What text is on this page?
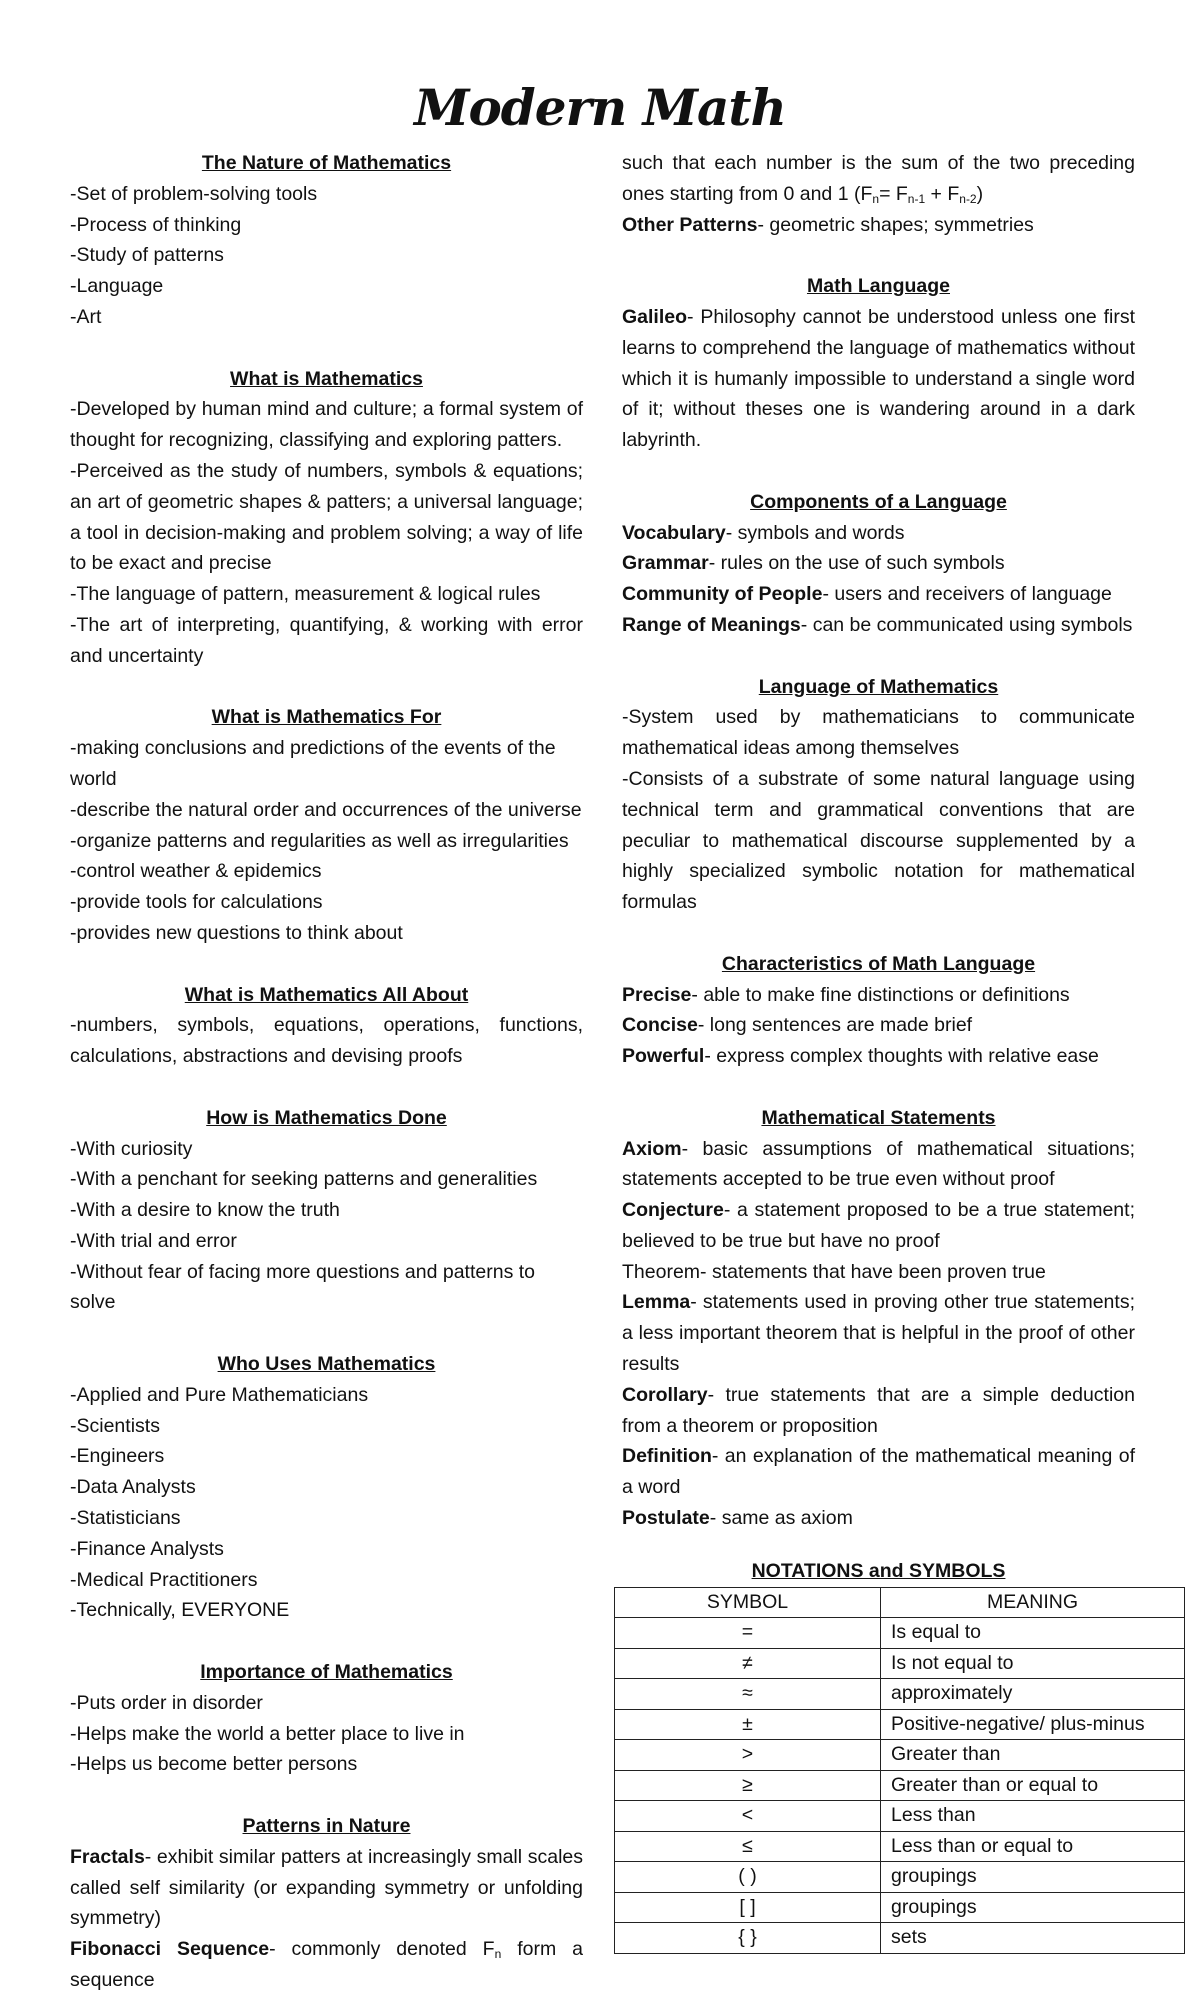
Modern Math
The Nature of Mathematics

-Set of problem-solving tools

-Process of thinking

-Study of patterns

-Language

-Art

What is Mathematics

-Developed by human mind and culture; a formal system of thought for recognizing, classifying and exploring patters.

-Perceived as the study of numbers, symbols & equations; an art of geometric shapes & patters; a universal language; a tool in decision-making and problem solving; a way of life to be exact and precise

-The language of pattern, measurement & logical rules

-The art of interpreting, quantifying, & working with error and uncertainty

What is Mathematics For

-making conclusions and predictions of the events of the world

-describe the natural order and occurrences of the universe

-organize patterns and regularities as well as irregularities

-control weather & epidemics

-provide tools for calculations

-provides new questions to think about

What is Mathematics All About

-numbers, symbols, equations, operations, functions, calculations, abstractions and devising proofs

How is Mathematics Done

-With curiosity

-With a penchant for seeking patterns and generalities

-With a desire to know the truth

-With trial and error

-Without fear of facing more questions and patterns to solve

Who Uses Mathematics

-Applied and Pure Mathematicians

-Scientists

-Engineers

-Data Analysts

-Statisticians

-Finance Analysts

-Medical Practitioners

-Technically, EVERYONE

Importance of Mathematics

-Puts order in disorder

-Helps make the world a better place to live in

-Helps us become better persons

Patterns in Nature

Fractals- exhibit similar patters at increasingly small scales called self similarity (or expanding symmetry or unfolding symmetry)

Fibonacci Sequence- commonly denoted $F_n$ form a sequence

such that each number is the sum of the two preceding ones starting from 0 and 1 $(F_n= F_{n-1} + F_{n-2})$

Other Patterns- geometric shapes; symmetries

Math Language

Galileo- Philosophy cannot be understood unless one first learns to comprehend the language of mathematics without which it is humanly impossible to understand a single word of it; without theses one is wandering around in a dark labyrinth.

Components of a Language

Vocabulary- symbols and words

Grammar- rules on the use of such symbols

Community of People- users and receivers of language

Range of Meanings- can be communicated using symbols

Language of Mathematics

-System used by mathematicians to communicate mathematical ideas among themselves

-Consists of a substrate of some natural language using technical term and grammatical conventions that are peculiar to mathematical discourse supplemented by a highly specialized symbolic notation for mathematical formulas

Characteristics of Math Language

Precise- able to make fine distinctions or definitions

Concise- long sentences are made brief

Powerful- express complex thoughts with relative ease

Mathematical Statements

Axiom- basic assumptions of mathematical situations; statements accepted to be true even without proof

Conjecture- a statement proposed to be a true statement; believed to be true but have no proof

Theorem- statements that have been proven true

Lemma- statements used in proving other true statements; a less important theorem that is helpful in the proof of other results

Corollary- true statements that are a simple deduction from a theorem or proposition

Definition- an explanation of the mathematical meaning of a word

Postulate- same as axiom

NOTATIONS and SYMBOLS
SYMBOL	MEANING
=	Is equal to
≠	Is not equal to
≈	approximately
±	Positive-negative/ plus-minus
>	Greater than
≥	Greater than or equal to
<	Less than
≤	Less than or equal to
( )	groupings
[ ]	groupings
{ }	sets
